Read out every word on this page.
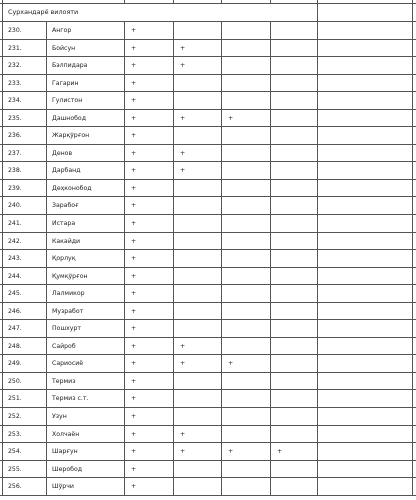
Сурхандарё вилояти
230.	Ангор	+
231.	Бойсун	+	+
232.	Бэлпидара	+	+
233.	Гагарин	+
234.	Гулистон	+
235.	Дашнобод	+	+	+
236.	Жарқўрғон	+
237.	Денов	+	+
238.	Дарбанд	+	+
239.	Деҳконобод	+
240.	Зарабоғ	+
241.	Истара	+
242.	Какайди	+
243.	Қорлуқ	+
244.	Қумқўрғон	+
245.	Лалмикор	+
246.	Музработ	+
247.	Пошхурт	+
248.	Сайроб	+	+
249.	Сариосиё	+	+	+
250.	Термиз	+
251.	Термиз с.т.	+
252.	Узун	+
253.	Холчаён	+	+
254.	Шарғун	+	+	+	+
255.	Шеробод	+
256.	Шўрчи	+
